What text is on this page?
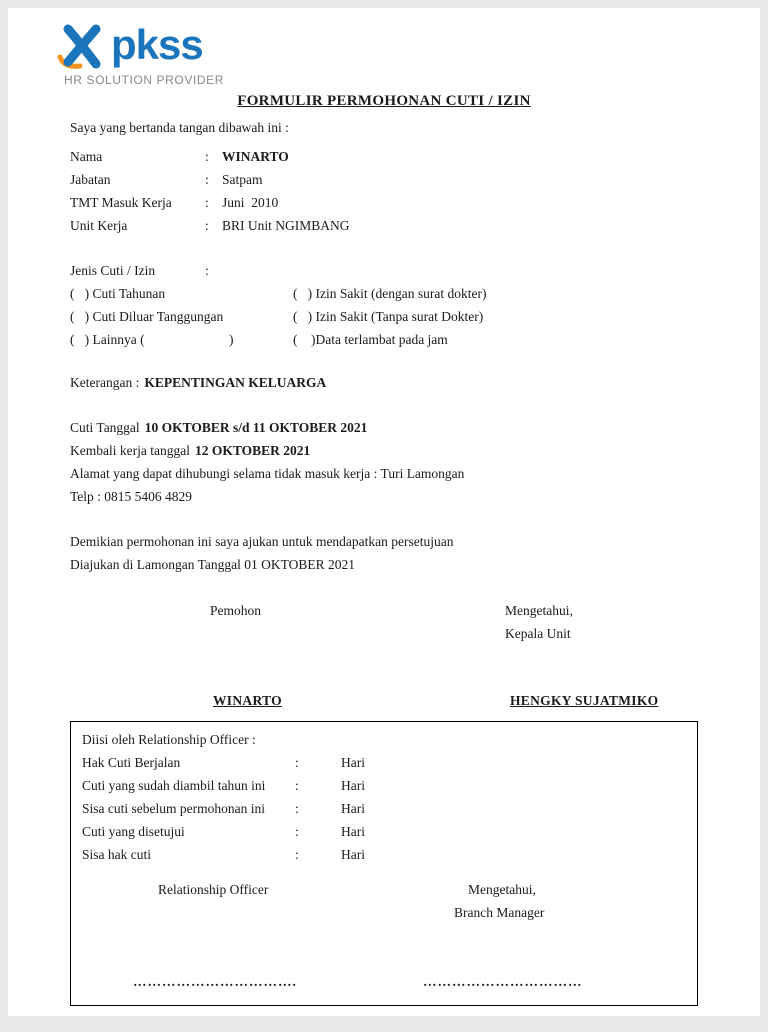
pkss
HR SOLUTION PROVIDER
FORMULIR PERMOHONAN CUTI / IZIN
Saya yang bertanda tangan dibawah ini :
Nama	: WINARTO
Jabatan	: Satpam
TMT Masuk Kerja	: Juni  2010
Unit Kerja	: BRI Unit NGIMBANG
Jenis Cuti / Izin	:
(   ) Cuti Tahunan	(   ) Izin Sakit (dengan surat dokter)
(   ) Cuti Diluar Tanggungan	(   ) Izin Sakit (Tanpa surat Dokter)
(   ) Lainnya (                         )	(    )Data terlambat pada jam
Keterangan : KEPENTINGAN KELUARGA
Cuti Tanggal 10 OKTOBER s/d 11 OKTOBER 2021
Kembali kerja tanggal 12 OKTOBER 2021
Alamat yang dapat dihubungi selama tidak masuk kerja : Turi Lamongan
Telp : 0815 5406 4829
Demikian permohonan ini saya ajukan untuk mendapatkan persetujuan
Diajukan di Lamongan Tanggal 01 OKTOBER 2021
Pemohon	Mengetahui,
Kepala Unit
WINARTO	HENGKY SUJATMIKO
Diisi oleh Relationship Officer :
Hak Cuti Berjalan	:	Hari
Cuti yang sudah diambil tahun ini	:	Hari
Sisa cuti sebelum permohonan ini	:	Hari
Cuti yang disetujui	:	Hari
Sisa hak cuti	:	Hari
Relationship Officer	Mengetahui,
Branch Manager
…………………………….	……………………………
